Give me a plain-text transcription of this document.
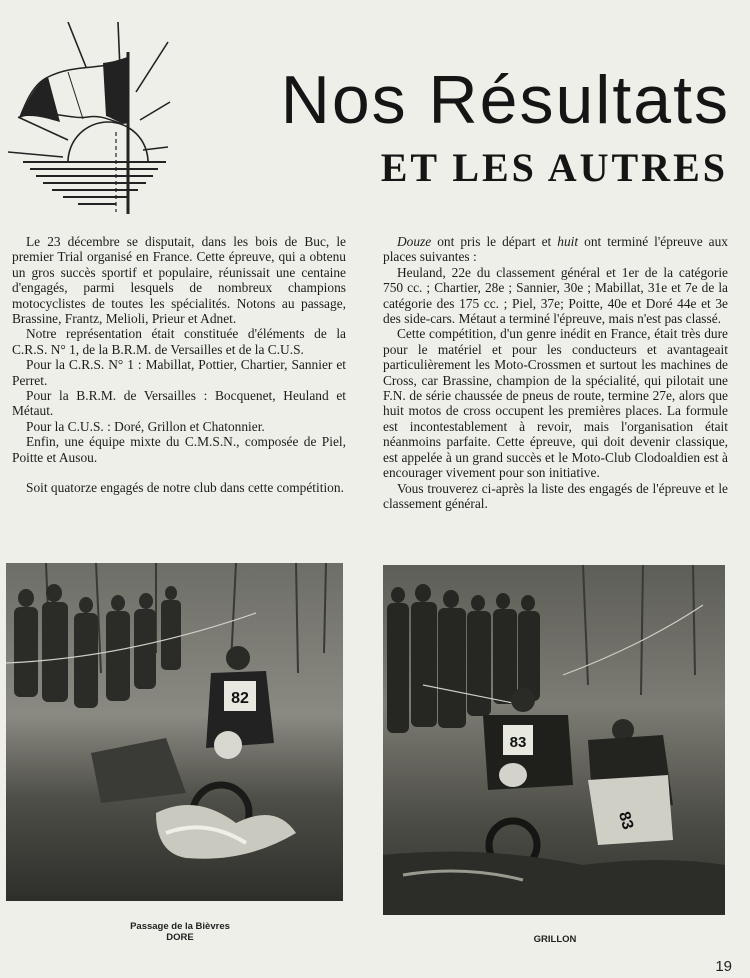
Nos Résultats
ET LES AUTRES

Le 23 décembre se disputait, dans les bois de Buc, le premier Trial organisé en France. Cette épreuve, qui a obtenu un gros succès sportif et populaire, réunissait une centaine d'engagés, parmi lesquels de nombreux champions motocyclistes de toutes les spécialités. Notons au passage, Brassine, Frantz, Melioli, Prieur et Adnet.

Notre représentation était constituée d'éléments de la C.R.S. N° 1, de la B.R.M. de Versailles et de la C.U.S.

Pour la C.R.S. N° 1 : Mabillat, Pottier, Chartier, Sannier et Perret.

Pour la B.R.M. de Versailles : Bocquenet, Heuland et Métaut.

Pour la C.U.S. : Doré, Grillon et Chatonnier.

Enfin, une équipe mixte du C.M.S.N., composée de Piel, Poitte et Ausou.

Soit quatorze engagés de notre club dans cette compétition.

Douze ont pris le départ et huit ont terminé l'épreuve aux places suivantes :

Heuland, 22e du classement général et 1er de la catégorie 750 cc. ; Chartier, 28e ; Sannier, 30e ; Mabillat, 31e et 7e de la catégorie des 175 cc. ; Piel, 37e; Poitte, 40e et Doré 44e et 3e des side-cars. Métaut a terminé l'épreuve, mais n'est pas classé.

Cette compétition, d'un genre inédit en France, était très dure pour le matériel et pour les conducteurs et avantageait particulièrement les Moto-Crossmen et surtout les machines de Cross, car Brassine, champion de la spécialité, qui pilotait une F.N. de série chaussée de pneus de route, termine 27e, alors que huit motos de cross occupent les premières places. La formule est incontestablement à revoir, mais l'organisation était néanmoins parfaite. Cette épreuve, qui doit devenir classique, est appelée à un grand succès et le Moto-Club Clodoaldien est à encourager vivement pour son initiative.

Vous trouverez ci-après la liste des engagés de l'épreuve et le classement général.

82
Passage de la Bièvres
DORE
83
83
GRILLON
19
